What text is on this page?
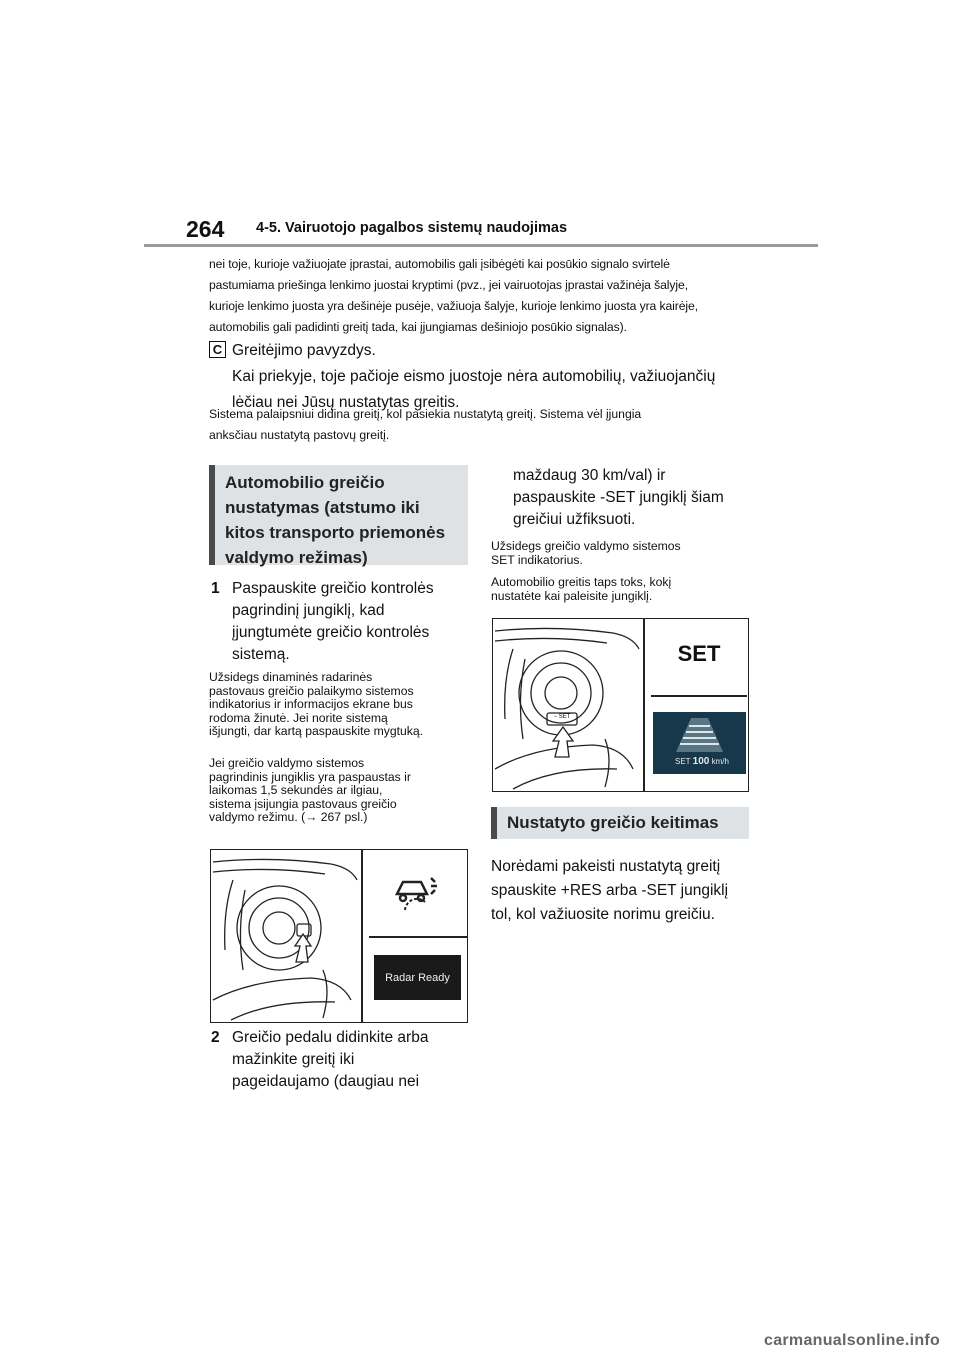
264 4-5. Vairuotojo pagalbos sistemų naudojimas
nei toje, kurioje važiuojate įprastai, automobilis gali įsibėgėti kai posūkio signalo svirtelė
pastumiama priešinga lenkimo juostai kryptimi (pvz., jei vairuotojas įprastai važinėja šalyje,
kurioje lenkimo juosta yra dešinėje pusėje, važiuoja šalyje, kurioje lenkimo juosta yra kairėje,
automobilis gali padidinti greitį tada, kai įjungiamas dešiniojo posūkio signalas).
C Greitėjimo pavyzdys.
Kai priekyje, toje pačioje eismo juostoje nėra automobilių, važiuojančių
lėčiau nei Jūsų nustatytas greitis.
Sistema palaipsniui didina greitį, kol pasiekia nustatytą greitį. Sistema vėl įjungia
anksčiau nustatytą pastovų greitį.
Automobilio greičio
nustatymas (atstumo iki
kitos transporto priemonės
valdymo režimas)
1 Paspauskite greičio kontrolės
pagrindinį jungiklį, kad
įjungtumėte greičio kontrolės
sistemą.
Užsidegs dinaminės radarinės
pastovaus greičio palaikymo sistemos
indikatorius ir informacijos ekrane bus
rodoma žinutė. Jei norite sistemą
išjungti, dar kartą paspauskite mygtuką.
Jei greičio valdymo sistemos
pagrindinis jungiklis yra paspaustas ir
laikomas 1,5 sekundės ar ilgiau,
sistema įsijungia pastovaus greičio
valdymo režimu. (→ 267 psl.)
Radar Ready
2 Greičio pedalu didinkite arba
mažinkite greitį iki
pageidaujamo (daugiau nei
maždaug 30 km/val) ir
paspauskite -SET jungiklį šiam
greičiui užfiksuoti.
Užsidegs greičio valdymo sistemos
SET indikatorius.
Automobilio greitis taps toks, kokį
nustatėte kai paleisite jungiklį.
− SET
SET
SET 100 km/h
Nustatyto greičio keitimas
Norėdami pakeisti nustatytą greitį
spauskite +RES arba -SET jungiklį
tol, kol važiuosite norimu greičiu.
carmanualsonline.info
